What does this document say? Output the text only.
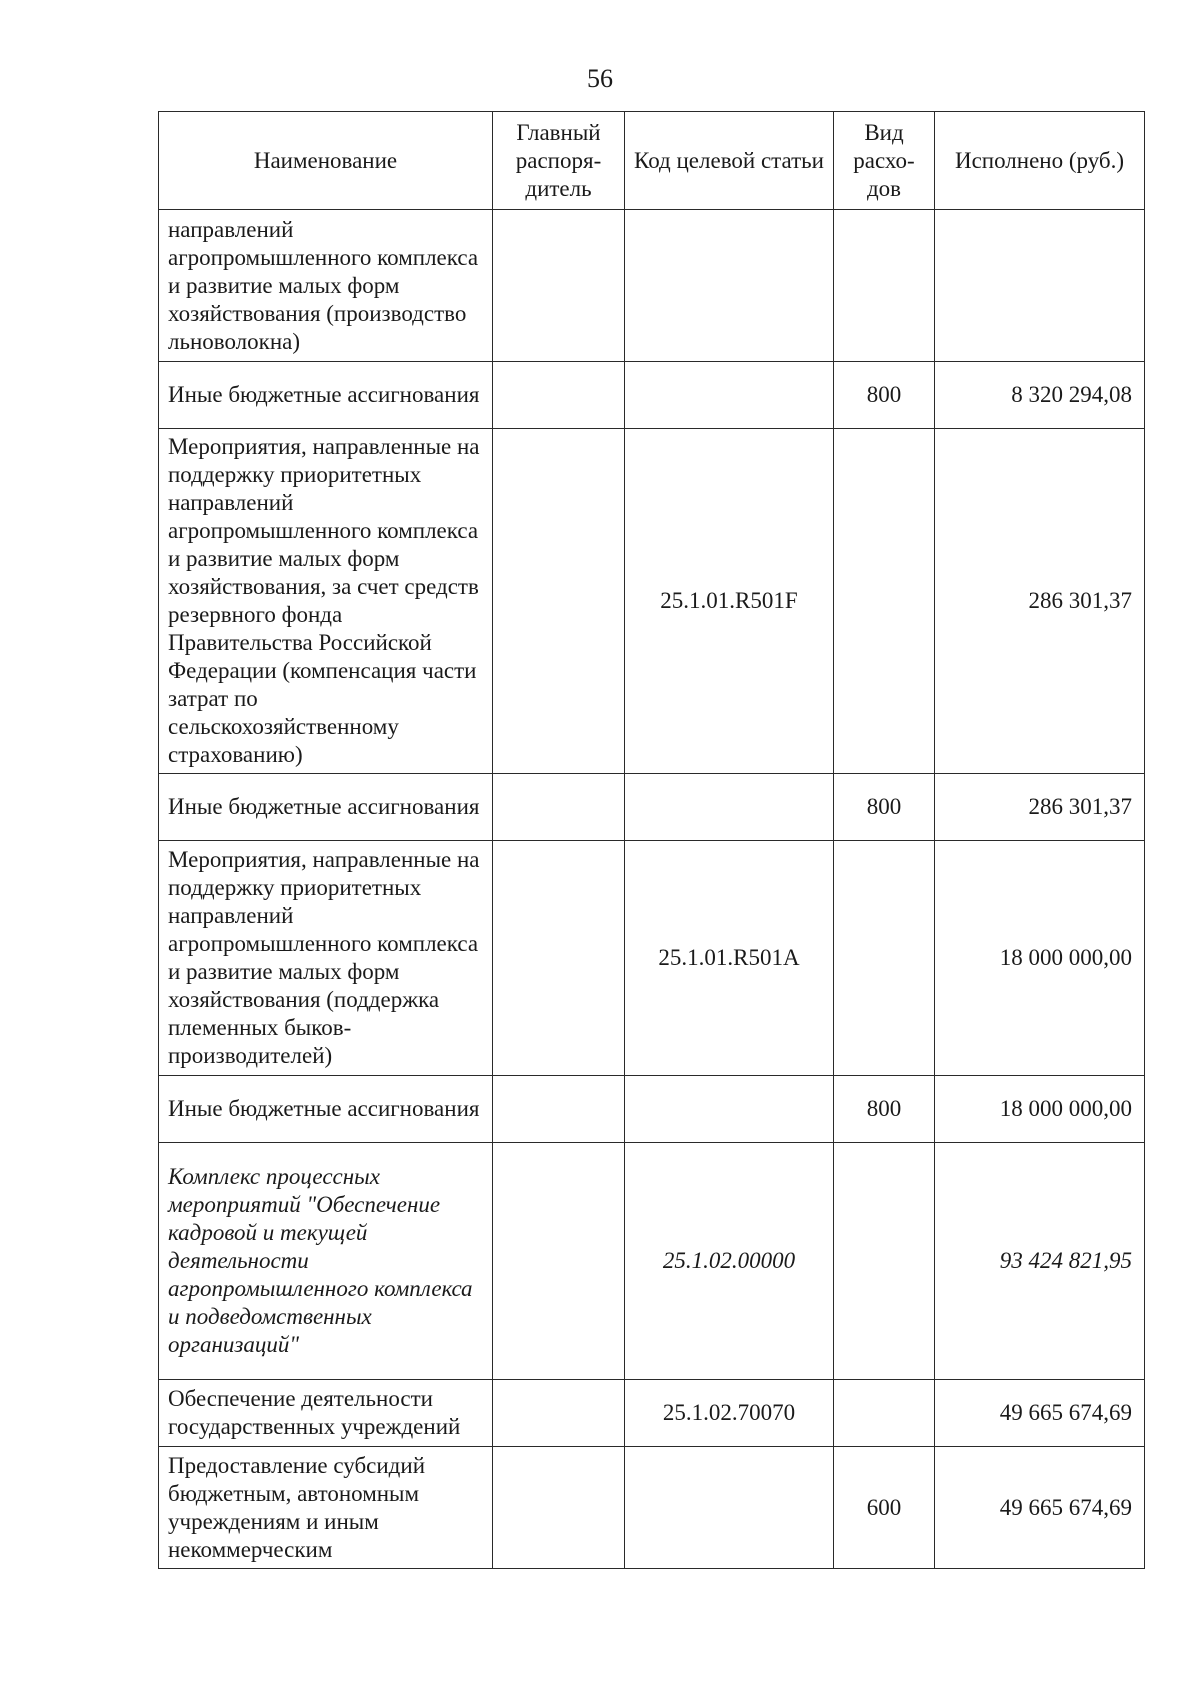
56
Наименование	Главный распоря-дитель	Код целевой статьи	Вид расхо-дов	Исполнено (руб.)
направлений агропромышленного комплекса и развитие малых форм хозяйствования (производство льноволокна)				
Иные бюджетные ассигнования			800	8 320 294,08
Мероприятия, направленные на поддержку приоритетных направлений агропромышленного комплекса и развитие малых форм хозяйствования, за счет средств резервного фонда Правительства Российской Федерации (компенсация части затрат по сельскохозяйственному страхованию)		25.1.01.R501F		286 301,37
Иные бюджетные ассигнования			800	286 301,37
Мероприятия, направленные на поддержку приоритетных направлений агропромышленного комплекса и развитие малых форм хозяйствования (поддержка племенных быков-производителей)		25.1.01.R501A		18 000 000,00
Иные бюджетные ассигнования			800	18 000 000,00
Комплекс процессных мероприятий "Обеспечение кадровой и текущей деятельности агропромышленного комплекса и подведомственных организаций"		25.1.02.00000		93 424 821,95
Обеспечение деятельности государственных учреждений		25.1.02.70070		49 665 674,69
Предоставление субсидий бюджетным, автономным учреждениям и иным некоммерческим			600	49 665 674,69
